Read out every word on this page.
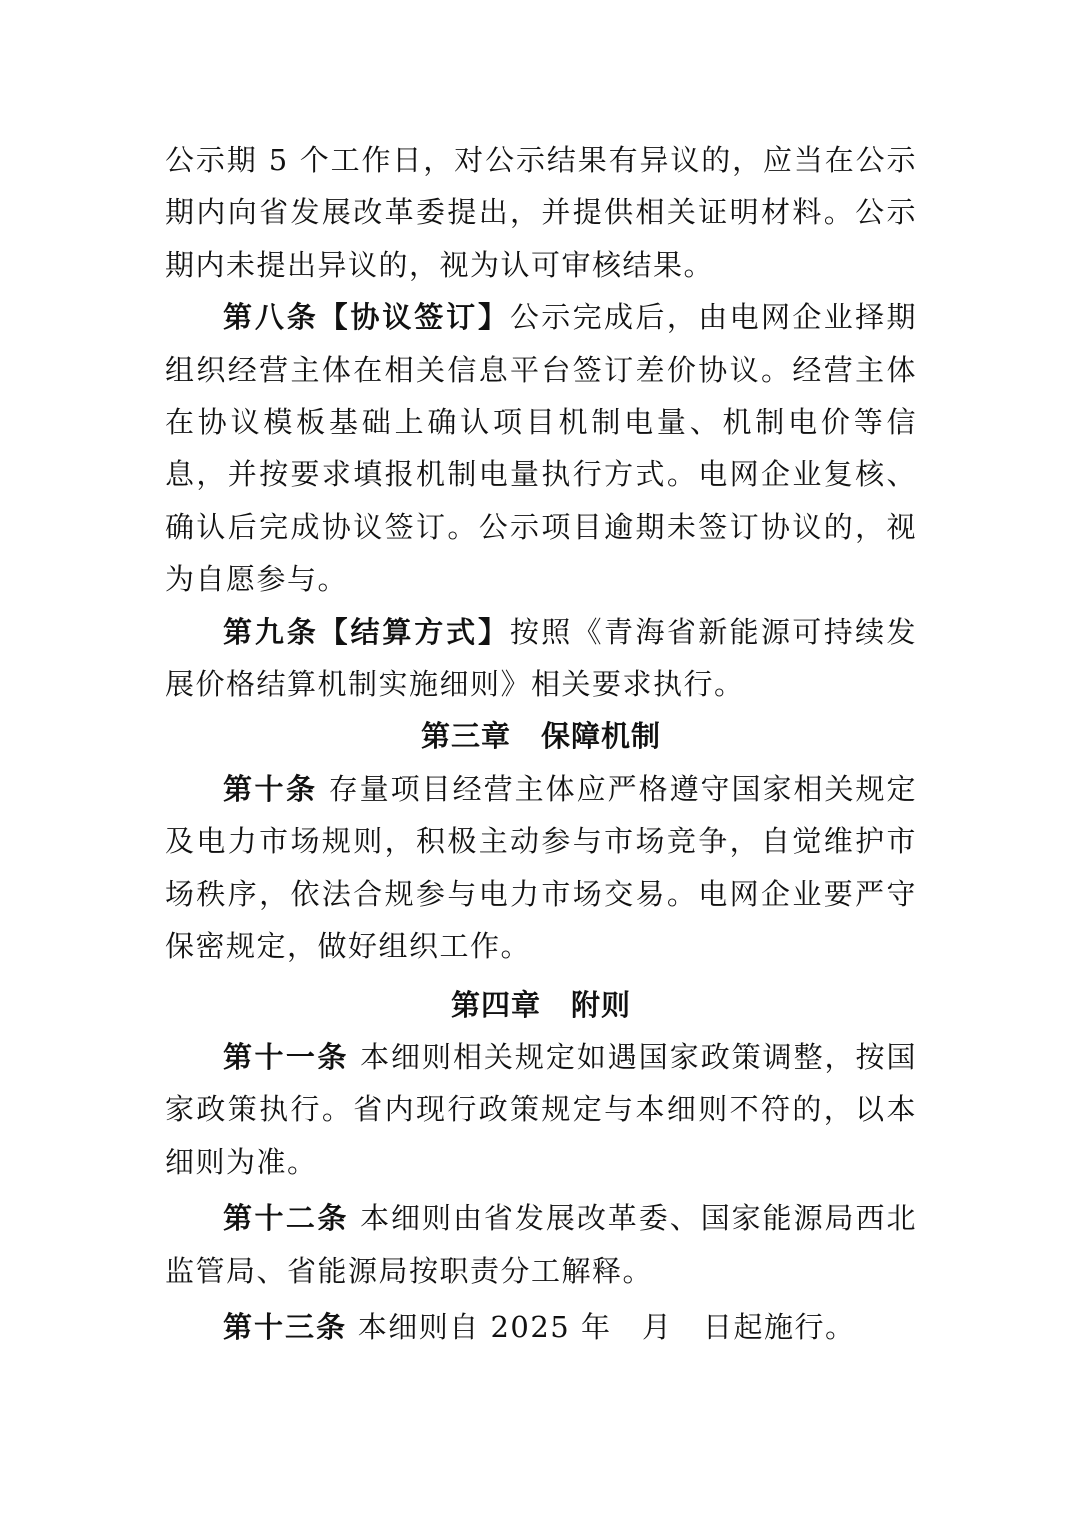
公示期 5 个工作日，对公示结果有异议的，应当在公示期内向省发展改革委提出，并提供相关证明材料。公示期内未提出异议的，视为认可审核结果。

第八条【协议签订】公示完成后，由电网企业择期组织经营主体在相关信息平台签订差价协议。经营主体在协议模板基础上确认项目机制电量、机制电价等信息，并按要求填报机制电量执行方式。电网企业复核、确认后完成协议签订。公示项目逾期未签订协议的，视为自愿参与。

第九条【结算方式】按照《青海省新能源可持续发展价格结算机制实施细则》相关要求执行。

第三章 保障机制

第十条 存量项目经营主体应严格遵守国家相关规定及电力市场规则，积极主动参与市场竞争，自觉维护市场秩序，依法合规参与电力市场交易。电网企业要严守保密规定，做好组织工作。

第四章 附则

第十一条 本细则相关规定如遇国家政策调整，按国家政策执行。省内现行政策规定与本细则不符的，以本细则为准。

第十二条 本细则由省发展改革委、国家能源局西北监管局、省能源局按职责分工解释。

第十三条 本细则自 2025 年　月　日起施行。
